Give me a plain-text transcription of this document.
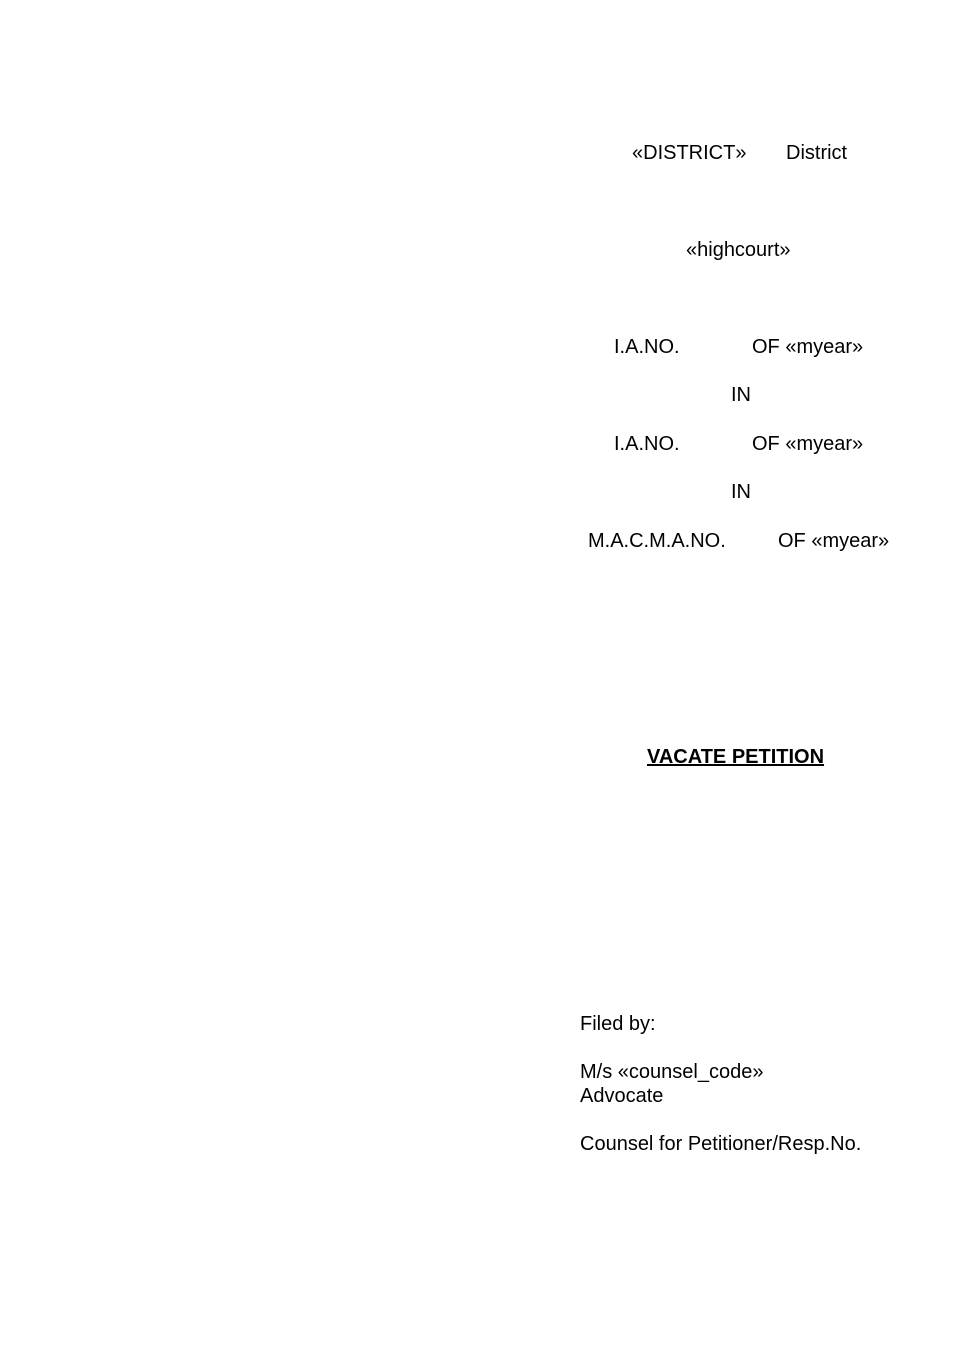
«DISTRICT» District
«highcourt»
I.A.NO.	OF «myear»
IN
I.A.NO.	OF «myear»
IN
M.A.C.M.A.NO.	OF «myear»
VACATE PETITION
Filed by:
M/s «counsel_code»
Advocate
Counsel for Petitioner/Resp.No.
